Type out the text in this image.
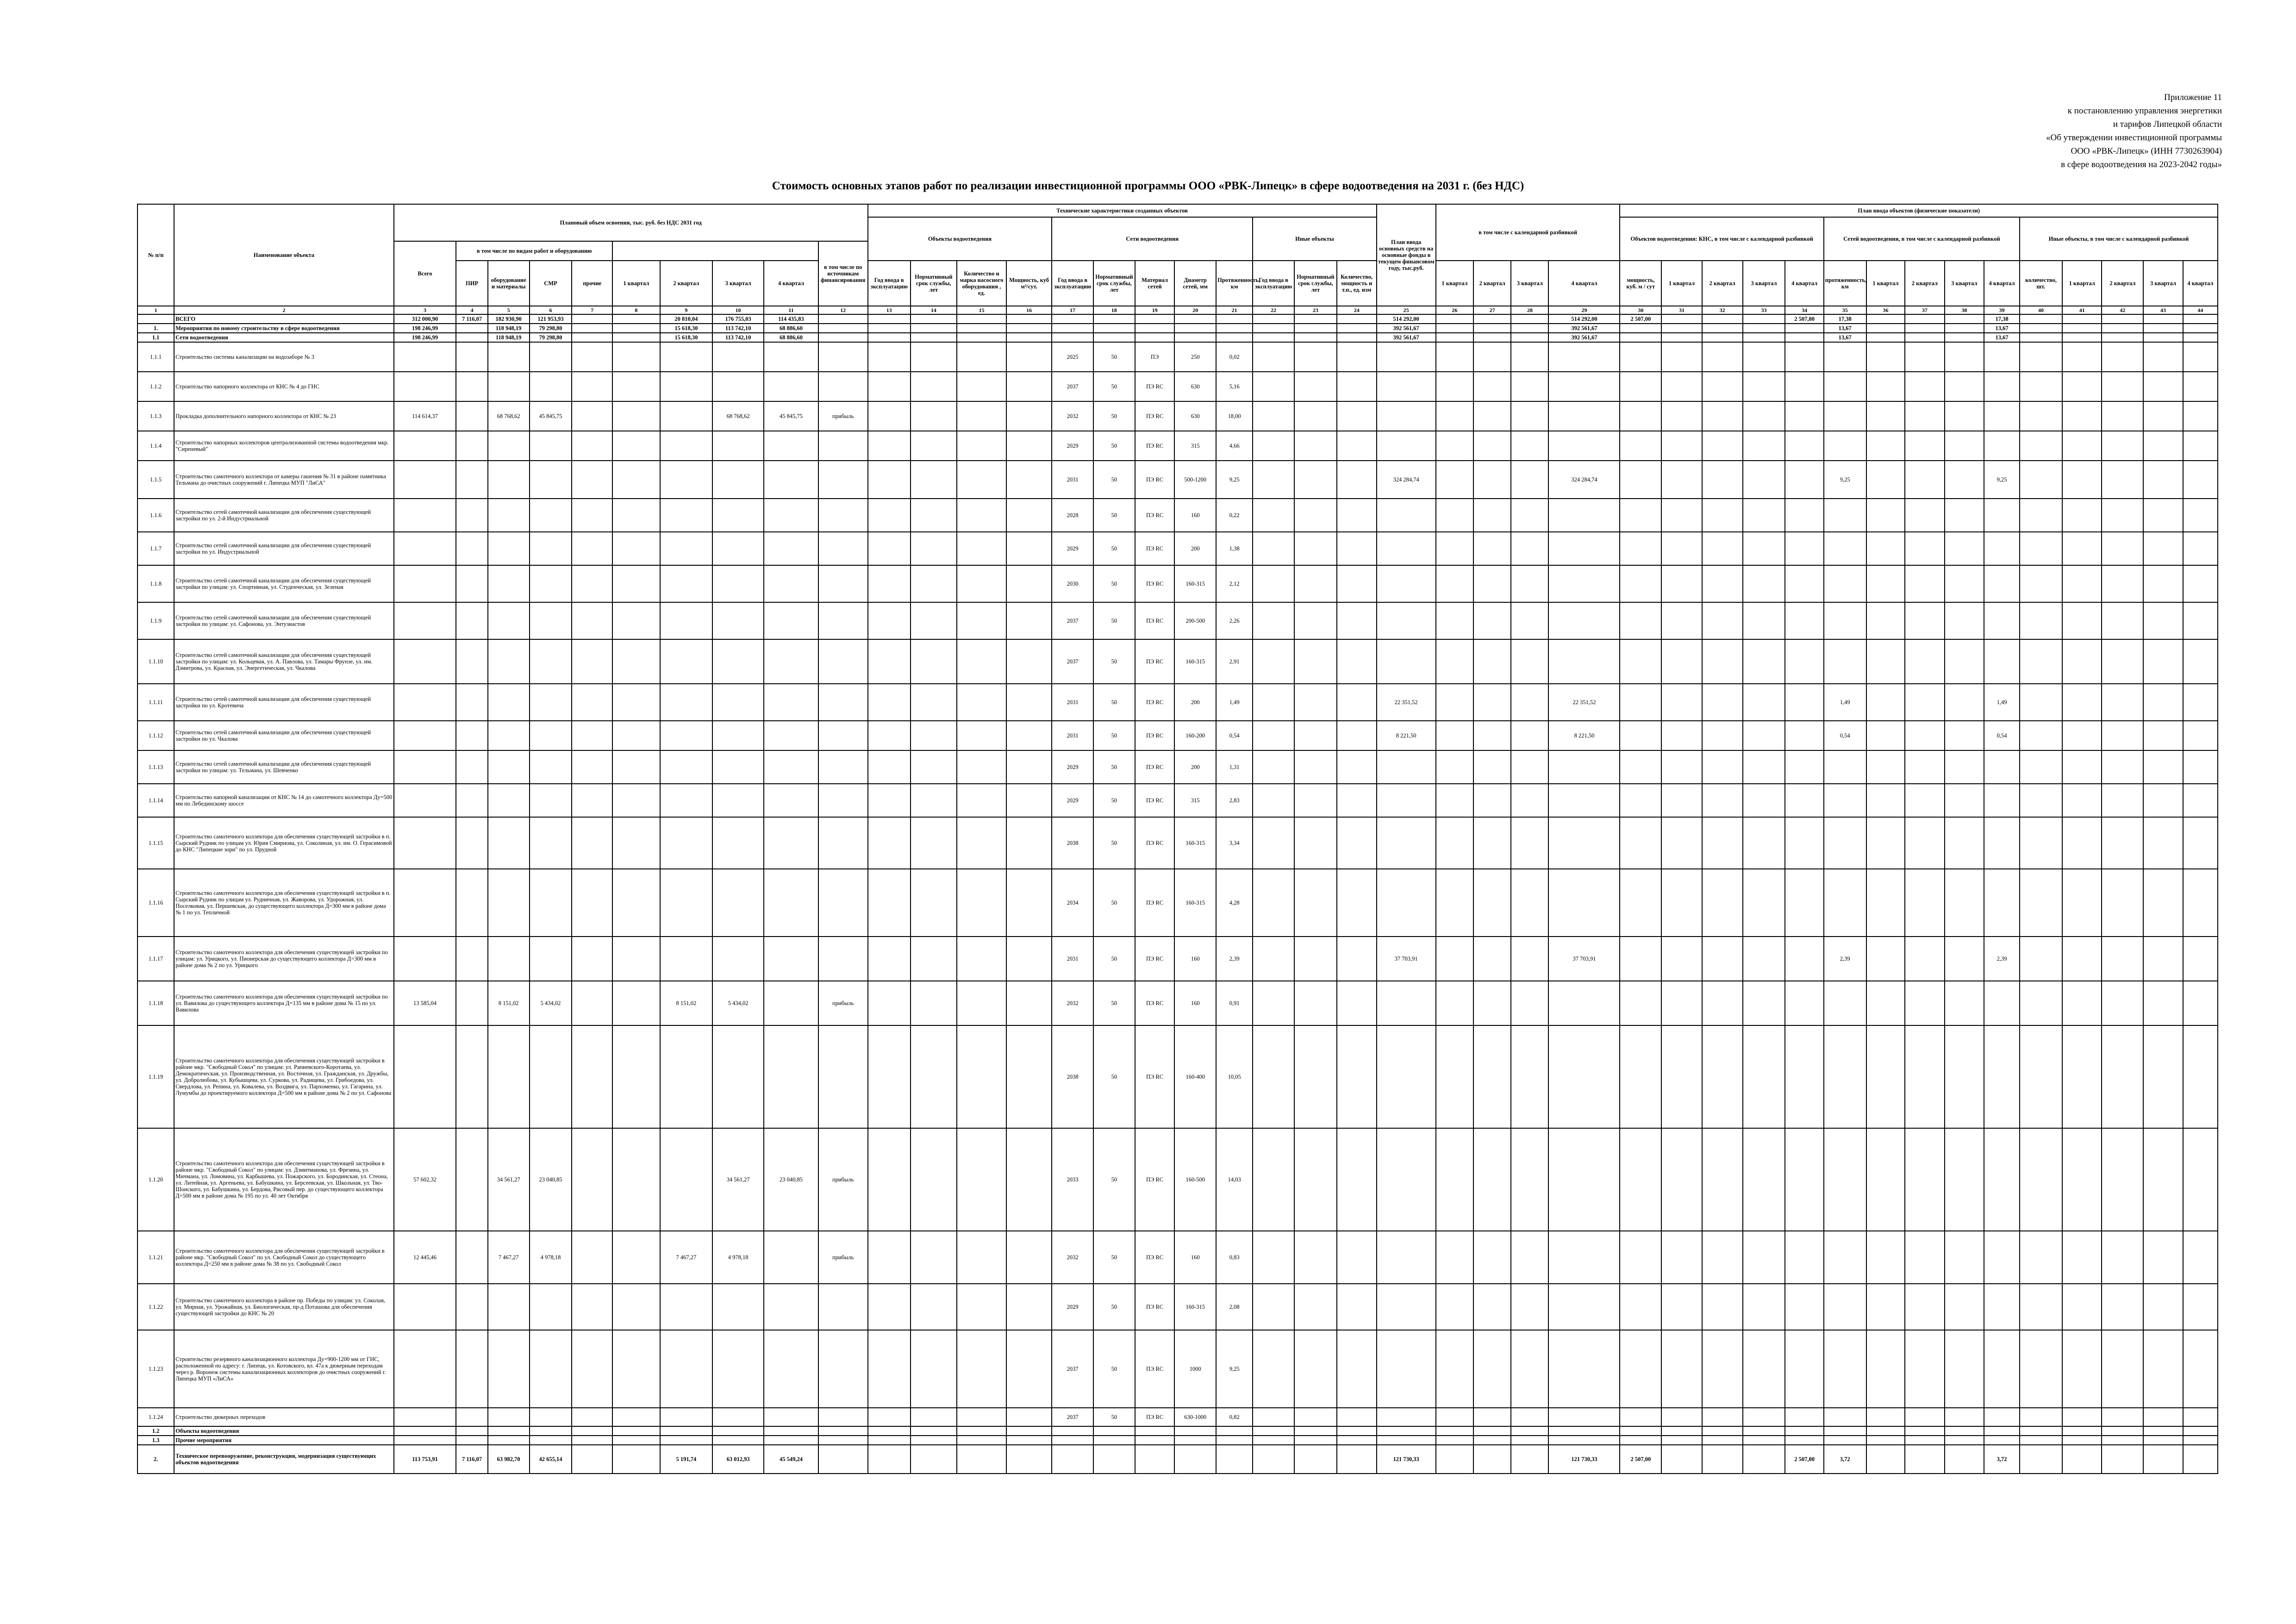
Приложение 11
к постановлению управления энергетики
и тарифов Липецкой области
«Об утверждении инвестиционной программы
ООО «РВК-Липецк» (ИНН 7730263904)
в сфере водоотведения на 2023-2042 годы»
Стоимость основных этапов работ по реализации инвестиционной программы ООО «РВК-Липецк» в сфере водоотведения на 2031 г. (без НДС)
№ п/п	Наименование объекта	Плановый объем освоения, тыс. руб. без НДС 2031 год										Технические характеристики созданных объектов												План ввода основных средств на основные фонды в текущем финансовом году, тыс.руб.	в том числе с календарной разбивкой				План ввода объектов (физические показатели)														
												Объекты водоотведения				Сети водоотведения					Иные объекты								Объектов водоотведения: КНС, в том числе с календарной разбивкой					Сетей водоотведения, в том числе с календарной разбивкой					Иные объекты, в том числе с календарной разбивкой				
		Всего	в том числе по видам работ и оборудованию								в том числе по источникам финансирования																																
			ПИР	оборудование и материалы	СМР	прочие	1 квартал	2 квартал	3 квартал	4 квартал		Год ввода в эксплуатацию	Нормативный срок службы, лет	Количество и марка насосного оборудования , ед.	Мощность, куб м³/сут.	Год ввода в эксплуатацию	Нормативный срок службы, лет	Материал сетей	Диаметр сетей, мм	Протяженность, км	Год ввода в эксплуатацию	Нормативный срок службы, лет	Количество, мощность и т.п., ед. изм		1 квартал	2 квартал	3 квартал	4 квартал	мощность, куб. м / сут	1 квартал	2 квартал	3 квартал	4 квартал	протяженность, км	1 квартал	2 квартал	3 квартал	4 квартал	количество, шт.	1 квартал	2 квартал	3 квартал	4 квартал
1	2	3	4	5	6	7	8	9	10	11	12	13	14	15	16	17	18	19	20	21	22	23	24	25	26	27	28	29	30	31	32	33	34	35	36	37	38	39	40	41	42	43	44
	ВСЕГО	312 000,90	7 116,07	182 930,90	121 953,93			20 810,04	176 755,03	114 435,83														514 292,00				514 292,00	2 507,00				2 507,00	17,38				17,38					
1.	Мероприятия по новому строительству в сфере водоотведения	198 246,99		118 948,19	79 298,80			15 618,30	113 742,10	68 886,60														392 561,67				392 561,67						13,67				13,67					
1.1	Сети водоотведения	198 246,99		118 948,19	79 298,80			15 618,30	113 742,10	68 886,60														392 561,67				392 561,67						13,67				13,67					
1.1.1	Строительство системы канализации на водозаборе № 3															2025	50	ПЭ	250	0,02																							
1.1.2	Строительство напорного коллектора от КНС № 4 до ГНС															2037	50	ПЭ RC	630	5,16																							
1.1.3	Прокладка дополнительного напорного коллектора от КНС № 23	114 614,37		68 768,62	45 845,75				68 768,62	45 845,75	прибыль					2032	50	ПЭ RC	630	18,00																							
1.1.4	Строительство напорных коллекторов централизованной системы водоотведения мкр. "Сиреневый"															2029	50	ПЭ RC	315	4,66																							
1.1.5	Строительство самотечного коллектора от камеры гашения № 31 в районе памятника Тельмана до очистных сооружений г. Липецка МУП "ЛиСА"															2031	50	ПЭ RC	500-1200	9,25				324 284,74				324 284,74						9,25				9,25					
1.1.6	Строительство сетей самотечной канализации для обеспечения существующей застройки по ул. 2-й Индустриальной															2028	50	ПЭ RC	160	0,22																							
1.1.7	Строительство сетей самотечной канализации для обеспечения существующей застройки по ул. Индустриальной															2029	50	ПЭ RC	200	1,38																							
1.1.8	Строительство сетей самотечной канализации для обеспечения существующей застройки по улицам: ул. Спортивная, ул. Студенческая, ул. Зеленая															2030	50	ПЭ RC	160-315	2,12																							
1.1.9	Строительство сетей самотечной канализации для обеспечения существующей застройки по улицам: ул. Сафонова, ул. Энтузиастов															2037	50	ПЭ RC	200-500	2,26																							
1.1.10	Строительство сетей самотечной канализации для обеспечения существующей застройки по улицам: ул. Кольцевая, ул. А. Павлова, ул. Тамары Фрунзе, ул. им. Дзмитрова, ул. Красная, ул. Энергетическая, ул. Чкалова															2037	50	ПЭ RC	160-315	2,91																							
1.1.11	Строительство сетей самотечной канализации для обеспечения существующей застройки по ул. Кротевича															2031	50	ПЭ RC	200	1,49				22 351,52				22 351,52						1,49				1,49					
1.1.12	Строительство сетей самотечной канализации для обеспечения существующей застройки по ул. Чкалова															2031	50	ПЭ RC	160-200	0,54				8 221,50				8 221,50						0,54				0,54					
1.1.13	Строительство сетей самотечной канализации для обеспечения существующей застройки по улицам: ул. Тельмана, ул. Шевченко															2029	50	ПЭ RC	200	1,31																							
1.1.14	Строительство напорной канализации от КНС № 14 до самотечного коллектора Ду=500 мм по Лебединскому шоссе															2029	50	ПЭ RC	315	2,83																							
1.1.15	Строительство самотечного коллектора для обеспечения существующей застройки в п. Сырский Рудник по улицам ул. Юрия Смирнова, ул. Соколиная, ул. им. О. Герасимовой до КНС "Липецкие зори" по ул. Прудной															2038	50	ПЭ RC	160-315	3,34																							
1.1.16	Строительство самотечного коллектора для обеспечения существующей застройки в п. Сырский Рудник по улицам ул. Рудничная, ул. Жаворова, ул. Удорожная, ул. Поселковая, ул. Першевская, до существующего коллектора Д=300 мм в районе дома № 1 по ул. Тепличной															2034	50	ПЭ RC	160-315	4,28																							
1.1.17	Строительство самотечного коллектора для обеспечения существующей застройки по улицам: ул. Урицкого, ул. Пионерская до существующего коллектора Д=300 мм в районе дома № 2 по ул. Урицкого															2031	50	ПЭ RC	160	2,39				37 703,91				37 703,91						2,39				2,39					
1.1.18	Строительство самотечного коллектора для обеспечения существующей застройки по ул. Вавилова до существующего коллектора Д=135 мм в районе дома № 15 по ул. Вавилова	13 585,04		8 151,02	5 434,02			8 151,02	5 434,02		прибыль					2032	50	ПЭ RC	160	0,91																							
1.1.19	Строительство самотечного коллектора для обеспечения существующей застройки в районе мкр. "Свободный Сокол" по улицам: ул. Рапиевского-Коротаева, ул. Демократическая, ул. Производственная, ул. Восточная, ул. Гражданская, ул. Дружбы, ул. Добролюбова, ул. Кубышцева, ул. Суркова, ул. Радищева, ул. Грибоедова, ул. Свердлова, ул. Репина, ул. Ковалева, ул. Воздвига, ул. Пархоменко, ул. Гагарина, ул. Лумумбы до проектируемого коллектора Д=500 мм в районе дома № 2 по ул. Сафонова															2038	50	ПЭ RC	160-400	10,05																							
1.1.20	Строительство самотечного коллектора для обеспечения существующей застройки в районе мкр. "Свободный Сокол" по улицам: ул. Дзмитманова, ул. Фрезина, ул. Мичмана, ул. Ломовина, ул. Карбышева, ул. Пожарского, ул. Бородинская, ул. Стеона, ул. Литейная, ул. Аргеньева, ул. Бабушкина, ул. Берсеевская, ул. Школьная, ул. Тво-Шонского, ул. Бабушкина, ул. Бердова, Рисовый пер. до существующего коллектора Д=500 мм в районе дома № 195 по ул. 40 лет Октября	57 602,32		34 561,27	23 040,85				34 561,27	23 040,85	прибыль					2033	50	ПЭ RC	160-500	14,03																							
1.1.21	Строительство самотечного коллектора для обеспечения существующей застройки в районе мкр. "Свободный Сокол" по ул. Свободный Сокол до существующего коллектора Д=250 мм в районе дома № 38 по ул. Свободный Сокол	12 445,46		7 467,27	4 978,18			7 467,27	4 978,18		прибыль					2032	50	ПЭ RC	160	0,83																							
1.1.22	Строительство самотечного коллектора в районе пр. Победы по улицам: ул. Соколая, ул. Мирная, ул. Урожайная, ул. Биологическая, пр-д Поташова для обеспечения существующей застройки до КНС № 20															2029	50	ПЭ RC	160-315	2,08																							
1.1.23	Строительство резервного канализационного коллектора Ду=900-1200 мм от ГНС, расположенной по адресу: г. Липецк, ул. Котовского, вл. 47а к дюкерным переходам через р. Воронеж системы канализационных коллекторов до очистных сооружений г. Липецка МУП «ЛиСА»															2037	50	ПЭ RC	1000	9,25																							
1.1.24	Строительство дюкерных переходов															2037	50	ПЭ RC	630-1000	0,82																							
1.2	Объекты водоотведения																																										
1.3	Прочие мероприятия																																										
2.	Техническое перевооружение, реконструкция, модернизация существующих объектов водоотведения	113 753,91	7 116,07	63 982,70	42 655,14			5 191,74	63 012,93	45 549,24														121 730,33				121 730,33	2 507,00				2 507,00	3,72				3,72					
